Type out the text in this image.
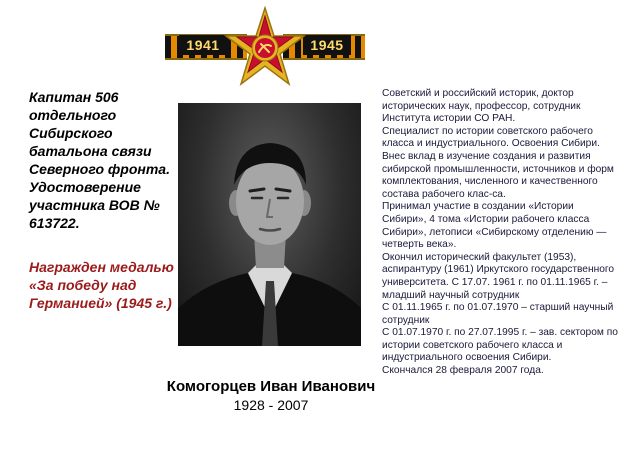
1941	1945
Капитан 506 отдельного Сибирского батальона связи Северного фронта. Удостоверение участника ВОВ № 613722.
Награжден медалью «За победу над Германией» (1945 г.)
Комогорцев Иван Иванович
1928 - 2007

Советский и российский историк, доктор исторических наук, профессор, сотрудник Института истории СО РАН.

Специалист по истории советского рабочего класса и индустриального. Освоения Сибири.

Внес вклад в изучение создания и развития сибирской промышленности, источников и форм комплектования, численного и качественного состава рабочего клас-са.

Принимал участие в создании «Истории Сибири», 4 тома «Истории рабочего класса Сибири», летописи «Сибирскому отделению — четверть века».

Окончил исторический факультет (1953), аспирантуру (1961) Иркутского государственного университета. С 17.07. 1961 г. по 01.11.1965 г. – младший научный сотрудник

С 01.11.1965 г. по 01.07.1970 – старший научный сотрудник

С 01.07.1970 г. по 27.07.1995 г. – зав. сектором по истории советского рабочего класса и индустриального освоения Сибири.

Скончался 28 февраля 2007 года.
